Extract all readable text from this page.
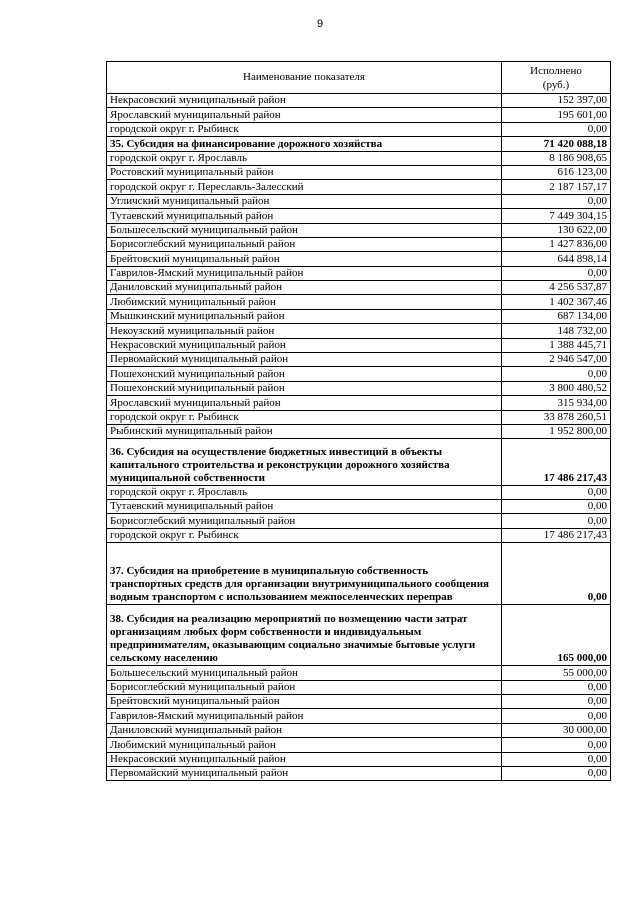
9
Наименование показателя	Исполнено
(руб.)
Некрасовский муниципальный район	152 397,00
Ярославский муниципальный район	195 601,00
городской округ г. Рыбинск	0,00
35. Субсидия на финансирование дорожного хозяйства	71 420 088,18
городской округ г. Ярославль	8 186 908,65
Ростовский муниципальный район	616 123,00
городской округ г. Переславль-Залесский	2 187 157,17
Угличский муниципальный район	0,00
Тутаевский муниципальный район	7 449 304,15
Большесельский муниципальный район	130 622,00
Борисоглебский муниципальный район	1 427 836,00
Брейтовский муниципальный район	644 898,14
Гаврилов-Ямский муниципальный район	0,00
Даниловский муниципальный район	4 256 537,87
Любимский муниципальный район	1 402 367,46
Мышкинский муниципальный район	687 134,00
Некоузский муниципальный район	148 732,00
Некрасовский муниципальный район	1 388 445,71
Первомайский муниципальный район	2 946 547,00
Пошехонский муниципальный район	0,00
Пошехонский муниципальный район	3 800 480,52
Ярославский муниципальный район	315 934,00
городской округ г. Рыбинск	33 878 260,51
Рыбинский муниципальный район	1 952 800,00
36. Субсидия на осуществление бюджетных инвестиций в объекты капитального строительства и реконструкции дорожного хозяйства муниципальной собственности	17 486 217,43
городской округ г. Ярославль	0,00
Тутаевский муниципальный район	0,00
Борисоглебский муниципальный район	0,00
городской округ г. Рыбинск	17 486 217,43
37. Субсидия на приобретение в муниципальную собственность транспортных средств для организации внутримуниципального сообщения водным транспортом с использованием межпоселенческих переправ	0,00
38. Субсидия на реализацию мероприятий по возмещению части затрат организациям любых форм собственности и индивидуальным предпринимателям, оказывающим социально значимые бытовые услуги сельскому населению	165 000,00
Большесельский муниципальный район	55 000,00
Борисоглебский муниципальный район	0,00
Брейтовский муниципальный район	0,00
Гаврилов-Ямский муниципальный район	0,00
Даниловский муниципальный район	30 000,00
Любимский муниципальный район	0,00
Некрасовский муниципальный район	0,00
Первомайский муниципальный район	0,00
